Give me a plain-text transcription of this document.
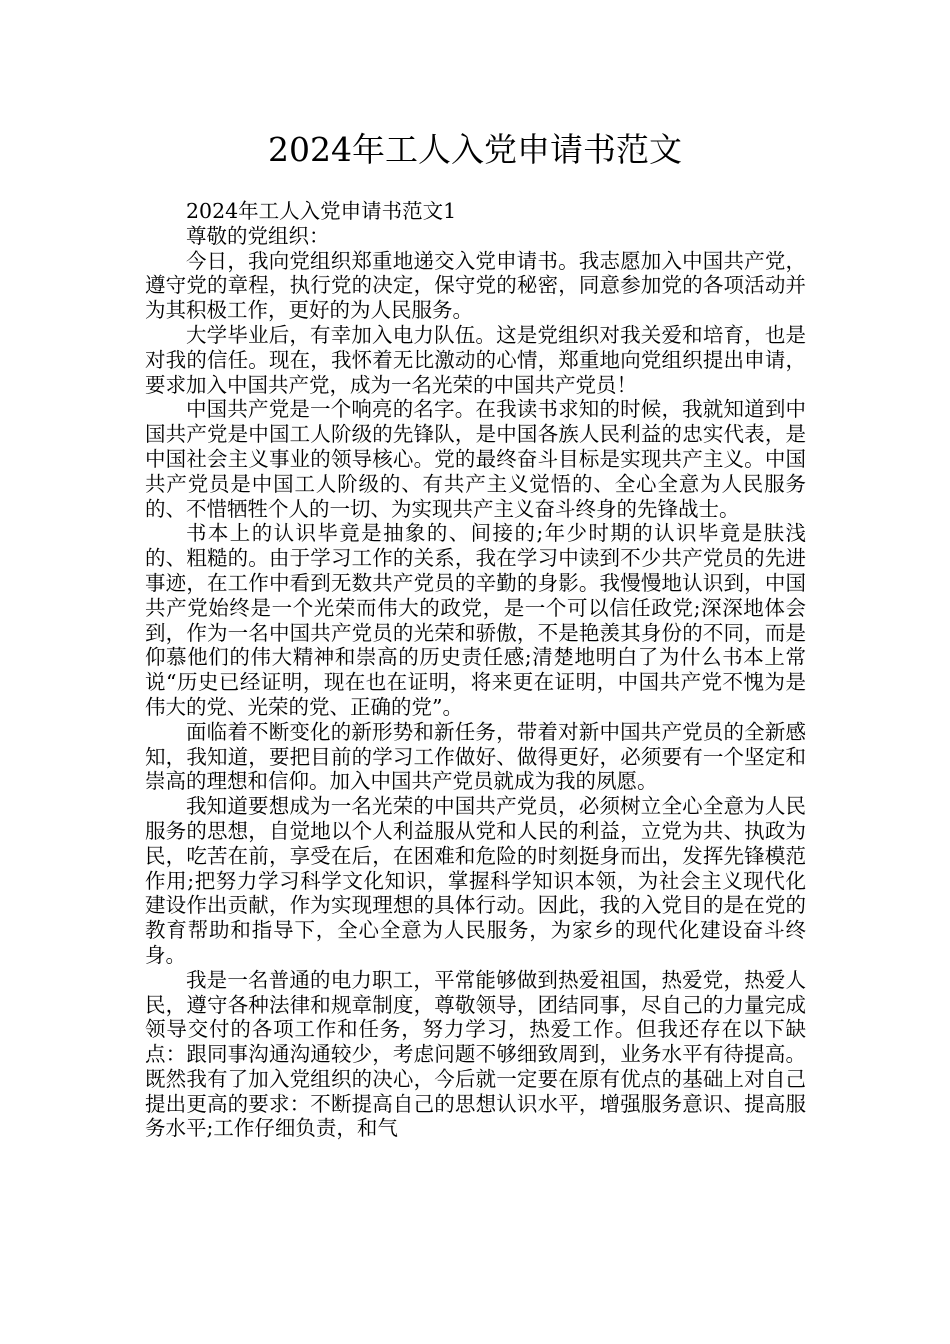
2024年工人入党申请书范文

2024年工人入党申请书范文1

尊敬的党组织：

今日，我向党组织郑重地递交入党申请书。我志愿加入中国共产党，遵守党的章程，执行党的决定，保守党的秘密，同意参加党的各项活动并为其积极工作，更好的为人民服务。

大学毕业后，有幸加入电力队伍。这是党组织对我关爱和培育，也是对我的信任。现在，我怀着无比激动的心情，郑重地向党组织提出申请，要求加入中国共产党，成为一名光荣的中国共产党员！

中国共产党是一个响亮的名字。在我读书求知的时候，我就知道到中国共产党是中国工人阶级的先锋队，是中国各族人民利益的忠实代表，是中国社会主义事业的领导核心。党的最终奋斗目标是实现共产主义。中国共产党员是中国工人阶级的、有共产主义觉悟的、全心全意为人民服务的、不惜牺牲个人的一切、为实现共产主义奋斗终身的先锋战士。

书本上的认识毕竟是抽象的、间接的;年少时期的认识毕竟是肤浅的、粗糙的。由于学习工作的关系，我在学习中读到不少共产党员的先进事迹，在工作中看到无数共产党员的辛勤的身影。我慢慢地认识到，中国共产党始终是一个光荣而伟大的政党，是一个可以信任政党;深深地体会到，作为一名中国共产党员的光荣和骄傲，不是艳羡其身份的不同，而是仰慕他们的伟大精神和崇高的历史责任感;清楚地明白了为什么书本上常说“历史已经证明，现在也在证明，将来更在证明，中国共产党不愧为是伟大的党、光荣的党、正确的党”。

面临着不断变化的新形势和新任务，带着对新中国共产党员的全新感知，我知道，要把目前的学习工作做好、做得更好，必须要有一个坚定和崇高的理想和信仰。加入中国共产党员就成为我的夙愿。

我知道要想成为一名光荣的中国共产党员，必须树立全心全意为人民服务的思想，自觉地以个人利益服从党和人民的利益，立党为共、执政为民，吃苦在前，享受在后，在困难和危险的时刻挺身而出，发挥先锋模范作用;把努力学习科学文化知识，掌握科学知识本领，为社会主义现代化建设作出贡献，作为实现理想的具体行动。因此，我的入党目的是在党的教育帮助和指导下，全心全意为人民服务，为家乡的现代化建设奋斗终身。

我是一名普通的电力职工，平常能够做到热爱祖国，热爱党，热爱人民，遵守各种法律和规章制度，尊敬领导，团结同事，尽自己的力量完成领导交付的各项工作和任务，努力学习，热爱工作。但我还存在以下缺点：跟同事沟通沟通较少，考虑问题不够细致周到，业务水平有待提高。既然我有了加入党组织的决心，今后就一定要在原有优点的基础上对自己提出更高的要求：不断提高自己的思想认识水平，增强服务意识、提高服务水平;工作仔细负责，和气
